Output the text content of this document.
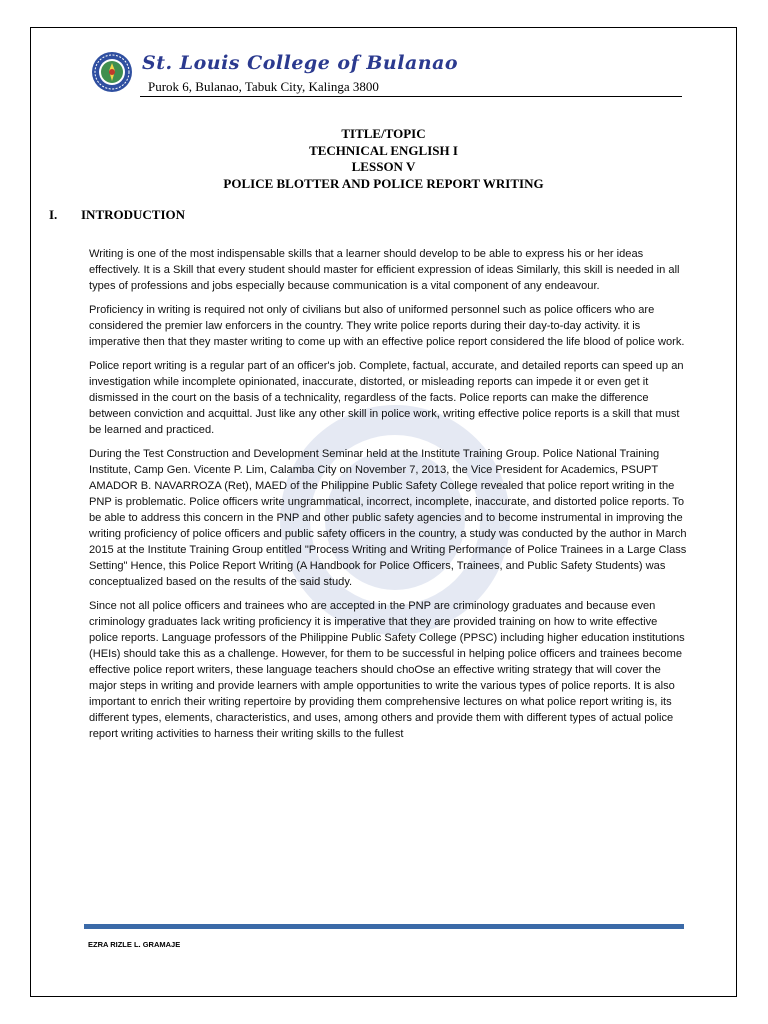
St. Louis College of Bulanao
Purok 6, Bulanao, Tabuk City, Kalinga 3800
TITLE/TOPIC
TECHNICAL ENGLISH I
LESSON V
POLICE BLOTTER AND POLICE REPORT WRITING
I. INTRODUCTION

Writing is one of the most indispensable skills that a learner should develop to be able to express his or her ideas effectively. It is a Skill that every student should master for efficient expression of ideas Similarly, this skill is needed in all types of professions and jobs especially because communication is a vital component of any endeavour.

Proficiency in writing is required not only of civilians but also of uniformed personnel such as police officers who are considered the premier law enforcers in the country. They write police reports during their day-to-day activity. it is imperative then that they master writing to come up with an effective police report considered the life blood of police work.

Police report writing is a regular part of an officer's job. Complete, factual, accurate, and detailed reports can speed up an investigation while incomplete opinionated, inaccurate, distorted, or misleading reports can impede it or even get it dismissed in the court on the basis of a technicality, regardless of the facts. Police reports can make the difference between conviction and acquittal. Just like any other skill in police work, writing effective police reports is a skill that must be learned and practiced.

During the Test Construction and Development Seminar held at the Institute Training Group. Police National Training Institute, Camp Gen. Vicente P. Lim, Calamba City on November 7, 2013, the Vice President for Academics, PSUPT AMADOR B. NAVARROZA (Ret), MAED of the Philippine Public Safety College revealed that police report writing in the PNP is problematic. Police officers write ungrammatical, incorrect, incomplete, inaccurate, and distorted police reports. To be able to address this concern in the PNP and other public safety agencies and to become instrumental in improving the writing proficiency of police officers and public safety officers in the country, a study was conducted by the author in March 2015 at the Institute Training Group entitled "Process Writing and Writing Performance of Police Trainees in a Large Class Setting" Hence, this Police Report Writing (A Handbook for Police Officers, Trainees, and Public Safety Students) was conceptualized based on the results of the said study.

Since not all police officers and trainees who are accepted in the PNP are criminology graduates and because even criminology graduates lack writing proficiency it is imperative that they are provided training on how to write effective police reports. Language professors of the Philippine Public Safety College (PPSC) including higher education institutions (HEIs) should take this as a challenge. However, for them to be successful in helping police officers and trainees become effective police report writers, these language teachers should choOse an effective writing strategy that will cover the major steps in writing and provide learners with ample opportunities to write the various types of police reports. It is also important to enrich their writing repertoire by providing them comprehensive lectures on what police report writing is, its different types, elements, characteristics, and uses, among others and provide them with different types of actual police report writing activities to harness their writing skills to the fullest

EZRA RIZLE L. GRAMAJE
